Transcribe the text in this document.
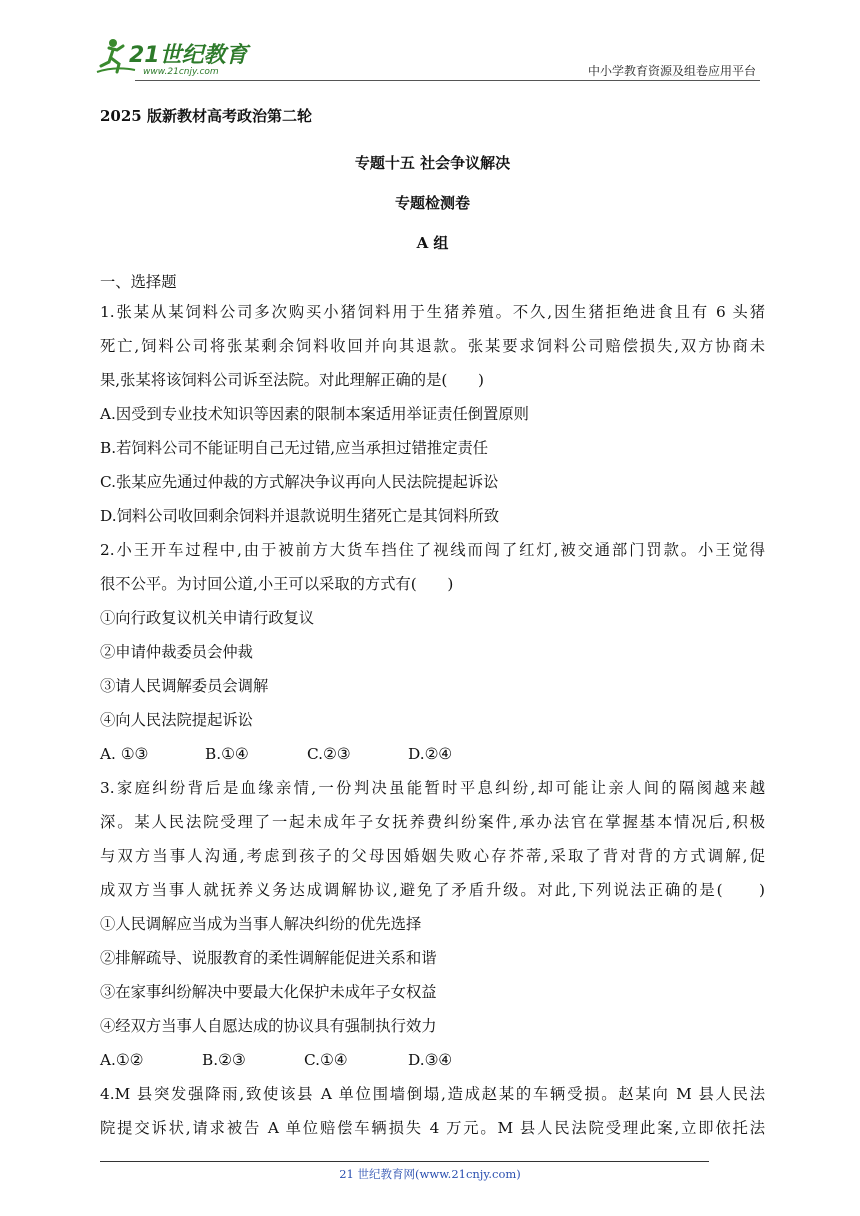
21世纪教育
www.21cnjy.com	中小学教育资源及组卷应用平台
2025 版新教材高考政治第二轮
专题十五 社会争议解决
专题检测卷
A 组
一、选择题
1.张某从某饲料公司多次购买小猪饲料用于生猪养殖。不久,因生猪拒绝进食且有 6 头猪
死亡,饲料公司将张某剩余饲料收回并向其退款。张某要求饲料公司赔偿损失,双方协商未
果,张某将该饲料公司诉至法院。对此理解正确的是(　　)
A.因受到专业技术知识等因素的限制本案适用举证责任倒置原则
B.若饲料公司不能证明自己无过错,应当承担过错推定责任
C.张某应先通过仲裁的方式解决争议再向人民法院提起诉讼
D.饲料公司收回剩余饲料并退款说明生猪死亡是其饲料所致
2.小王开车过程中,由于被前方大货车挡住了视线而闯了红灯,被交通部门罚款。小王觉得
很不公平。为讨回公道,小王可以采取的方式有(　　)
①向行政复议机关申请行政复议
②申请仲裁委员会仲裁
③请人民调解委员会调解
④向人民法院提起诉讼
A. ①③	B.①④	C.②③	D.②④
3.家庭纠纷背后是血缘亲情,一份判决虽能暂时平息纠纷,却可能让亲人间的隔阂越来越
深。某人民法院受理了一起未成年子女抚养费纠纷案件,承办法官在掌握基本情况后,积极
与双方当事人沟通,考虑到孩子的父母因婚姻失败心存芥蒂,采取了背对背的方式调解,促
成双方当事人就抚养义务达成调解协议,避免了矛盾升级。对此,下列说法正确的是(　　)
①人民调解应当成为当事人解决纠纷的优先选择
②排解疏导、说服教育的柔性调解能促进关系和谐
③在家事纠纷解决中要最大化保护未成年子女权益
④经双方当事人自愿达成的协议具有强制执行效力
A.①②	B.②③	C.①④	D.③④
4.M 县突发强降雨,致使该县 A 单位围墙倒塌,造成赵某的车辆受损。赵某向 M 县人民法
院提交诉状,请求被告 A 单位赔偿车辆损失 4 万元。M 县人民法院受理此案,立即依托法
21 世纪教育网(www.21cnjy.com)
